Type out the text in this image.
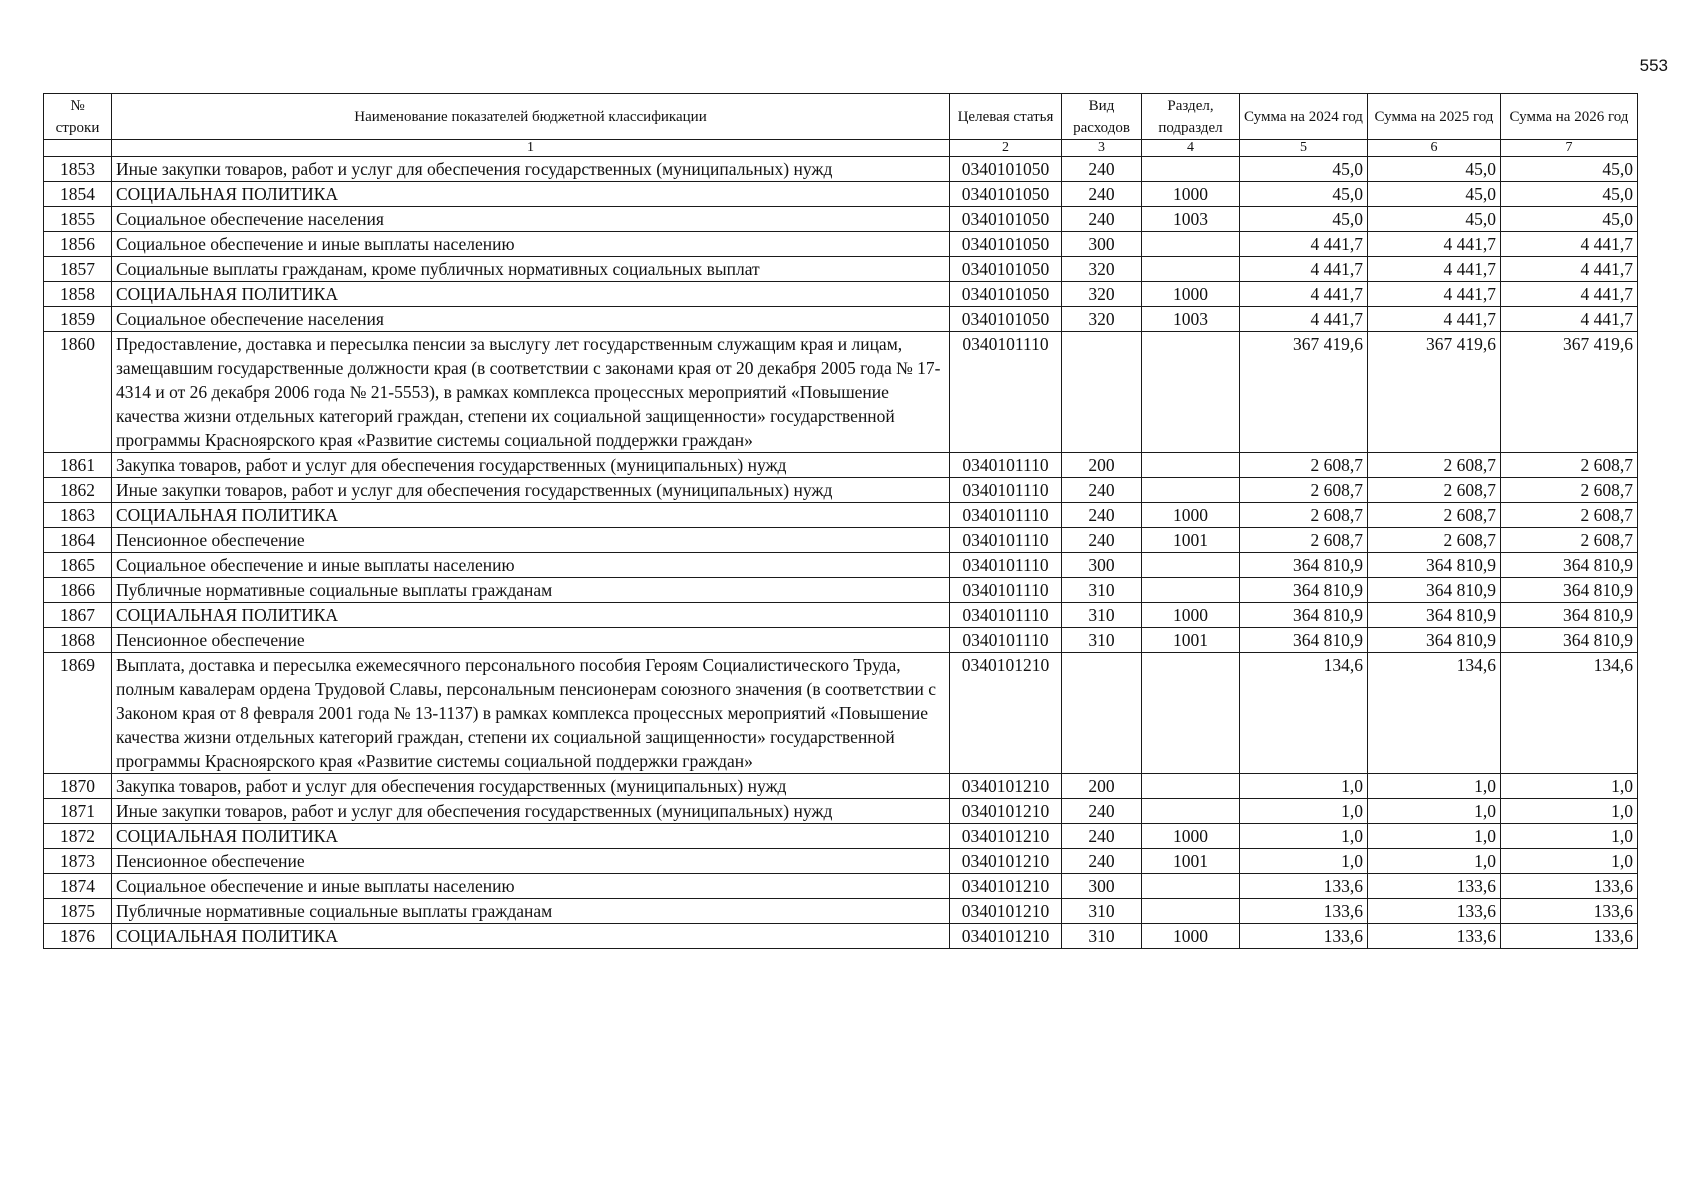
553
№ строки	Наименование показателей бюджетной классификации	Целевая статья	Вид расходов	Раздел, подраздел	Сумма на 2024 год	Сумма на 2025 год	Сумма на 2026 год
	1	2	3	4	5	6	7
1853	Иные закупки товаров, работ и услуг для обеспечения государственных (муниципальных) нужд	0340101050	240		45,0	45,0	45,0
1854	СОЦИАЛЬНАЯ ПОЛИТИКА	0340101050	240	1000	45,0	45,0	45,0
1855	Социальное обеспечение населения	0340101050	240	1003	45,0	45,0	45,0
1856	Социальное обеспечение и иные выплаты населению	0340101050	300		4 441,7	4 441,7	4 441,7
1857	Социальные выплаты гражданам, кроме публичных нормативных социальных выплат	0340101050	320		4 441,7	4 441,7	4 441,7
1858	СОЦИАЛЬНАЯ ПОЛИТИКА	0340101050	320	1000	4 441,7	4 441,7	4 441,7
1859	Социальное обеспечение населения	0340101050	320	1003	4 441,7	4 441,7	4 441,7
1860	Предоставление, доставка и пересылка пенсии за выслугу лет государственным служащим края и лицам, замещавшим государственные должности края (в соответствии с законами края от 20 декабря 2005 года № 17-4314 и от 26 декабря 2006 года № 21-5553), в рамках комплекса процессных мероприятий «Повышение качества жизни отдельных категорий граждан, степени их социальной защищенности» государственной программы Красноярского края «Развитие системы социальной поддержки граждан»	0340101110			367 419,6	367 419,6	367 419,6
1861	Закупка товаров, работ и услуг для обеспечения государственных (муниципальных) нужд	0340101110	200		2 608,7	2 608,7	2 608,7
1862	Иные закупки товаров, работ и услуг для обеспечения государственных (муниципальных) нужд	0340101110	240		2 608,7	2 608,7	2 608,7
1863	СОЦИАЛЬНАЯ ПОЛИТИКА	0340101110	240	1000	2 608,7	2 608,7	2 608,7
1864	Пенсионное обеспечение	0340101110	240	1001	2 608,7	2 608,7	2 608,7
1865	Социальное обеспечение и иные выплаты населению	0340101110	300		364 810,9	364 810,9	364 810,9
1866	Публичные нормативные социальные выплаты гражданам	0340101110	310		364 810,9	364 810,9	364 810,9
1867	СОЦИАЛЬНАЯ ПОЛИТИКА	0340101110	310	1000	364 810,9	364 810,9	364 810,9
1868	Пенсионное обеспечение	0340101110	310	1001	364 810,9	364 810,9	364 810,9
1869	Выплата, доставка и пересылка ежемесячного персонального пособия Героям Социалистического Труда, полным кавалерам ордена Трудовой Славы, персональным пенсионерам союзного значения (в соответствии с Законом края от 8 февраля 2001 года № 13-1137) в рамках комплекса процессных мероприятий «Повышение качества жизни отдельных категорий граждан, степени их социальной защищенности» государственной программы Красноярского края «Развитие системы социальной поддержки граждан»	0340101210			134,6	134,6	134,6
1870	Закупка товаров, работ и услуг для обеспечения государственных (муниципальных) нужд	0340101210	200		1,0	1,0	1,0
1871	Иные закупки товаров, работ и услуг для обеспечения государственных (муниципальных) нужд	0340101210	240		1,0	1,0	1,0
1872	СОЦИАЛЬНАЯ ПОЛИТИКА	0340101210	240	1000	1,0	1,0	1,0
1873	Пенсионное обеспечение	0340101210	240	1001	1,0	1,0	1,0
1874	Социальное обеспечение и иные выплаты населению	0340101210	300		133,6	133,6	133,6
1875	Публичные нормативные социальные выплаты гражданам	0340101210	310		133,6	133,6	133,6
1876	СОЦИАЛЬНАЯ ПОЛИТИКА	0340101210	310	1000	133,6	133,6	133,6
